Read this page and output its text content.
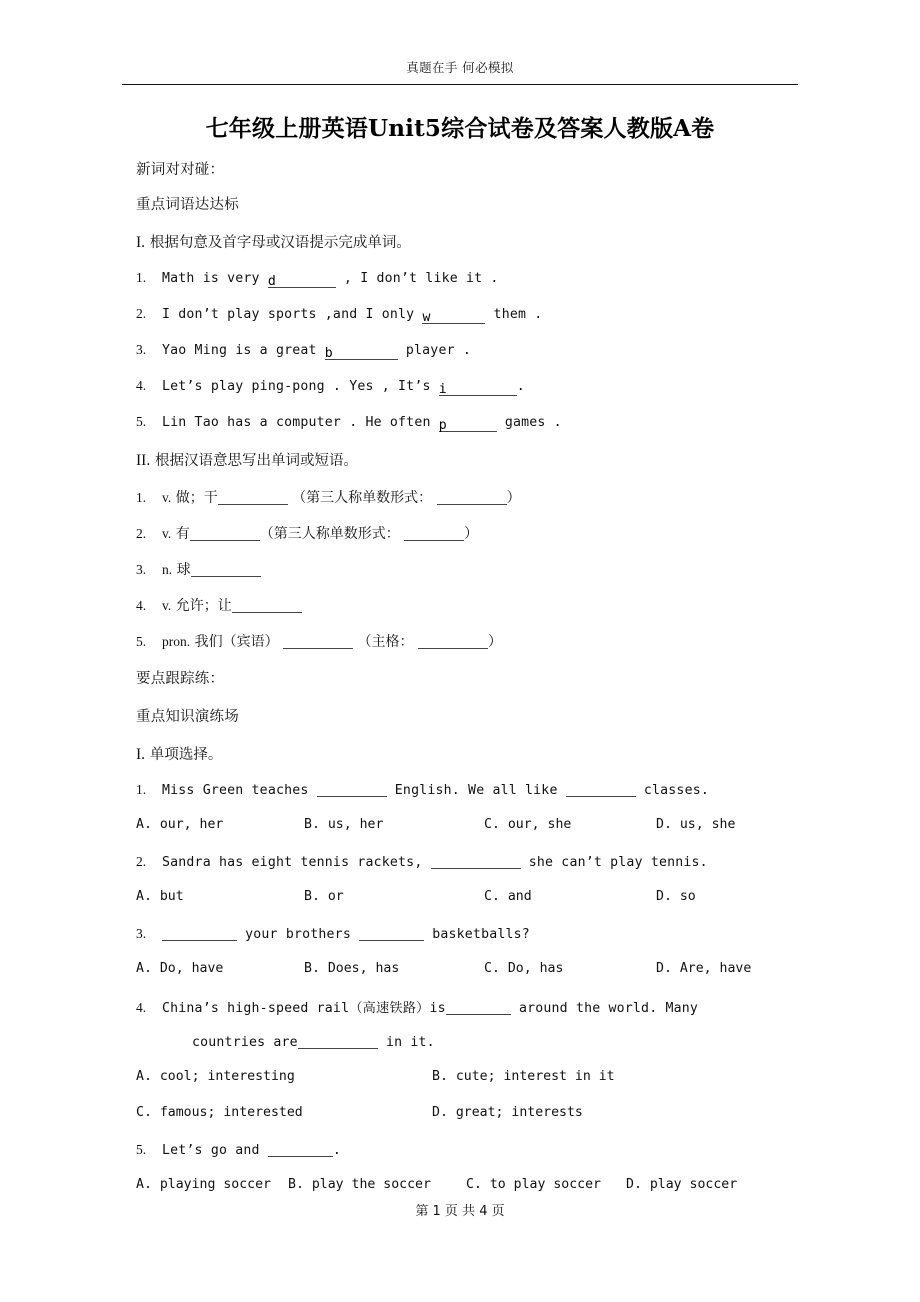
真题在手 何必模拟
七年级上册英语Unit5综合试卷及答案人教版A卷
新词对对碰：
重点词语达达标
I. 根据句意及首字母或汉语提示完成单词。
1. Math is very d	, I don’t like it .
2. I don’t play sports ,and I only w	them .
3. Yao Ming is a great b	player .
4. Let’s play ping-pong . Yes , It’s i	.
5. Lin Tao has a computer . He often p	games .
II. 根据汉语意思写出单词或短语。
1. v. 做；干	（第三人称单数形式：	）
2. v. 有	（第三人称单数形式：	）
3. n. 球
4. v. 允许；让
5. pron. 我们（宾语）	（主格：	）
要点跟踪练：
重点知识演练场
I. 单项选择。
1. Miss Green teaches	English. We all like	classes.
A. our, her	B. us, her	C. our, she	D. us, she
2. Sandra has eight tennis rackets,	she can’t play tennis.
A. but	B. or	C. and	D. so
3.	your brothers	basketballs?
A. Do, have	B. Does, has	C. Do, has	D. Are, have
4. China’s high-speed rail（高速铁路）is	around the world. Many
countries are	in it.
A. cool; interesting	B. cute; interest in it
C. famous; interested	D. great; interests
5. Let’s go and	.
A. playing soccer B. play the soccer	C. to play soccer D. play soccer
第 1 页 共 4 页
